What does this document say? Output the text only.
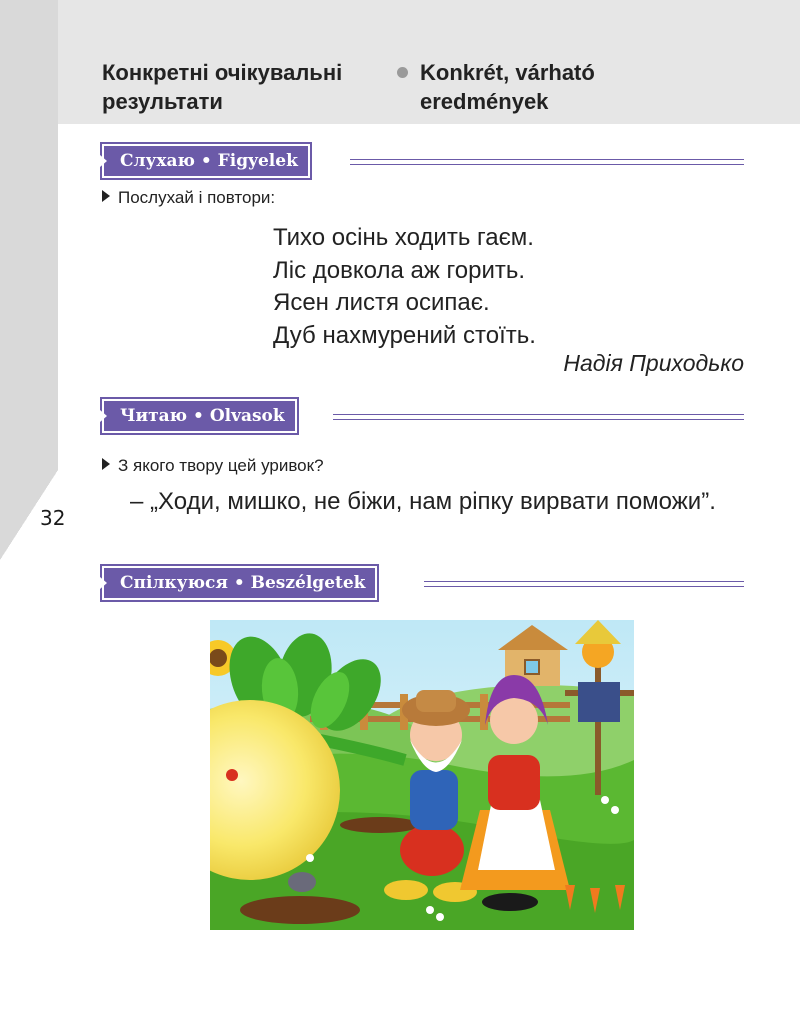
32
Конкретні очікувальні результати
Konkrét, várható eredmények
Слухаю • Figyelek
Послухай і повтори:
Тихо осінь ходить гаєм.
Ліс довкола аж горить.
Ясен листя осипає.
Дуб нахмурений стоїть.
Надія Приходько
Читаю • Olvasok
З якого твору цей уривок?
– „Ходи, мишко, не біжи, нам ріпку вирвати поможи”.
Спілкуюся • Beszélgetek
